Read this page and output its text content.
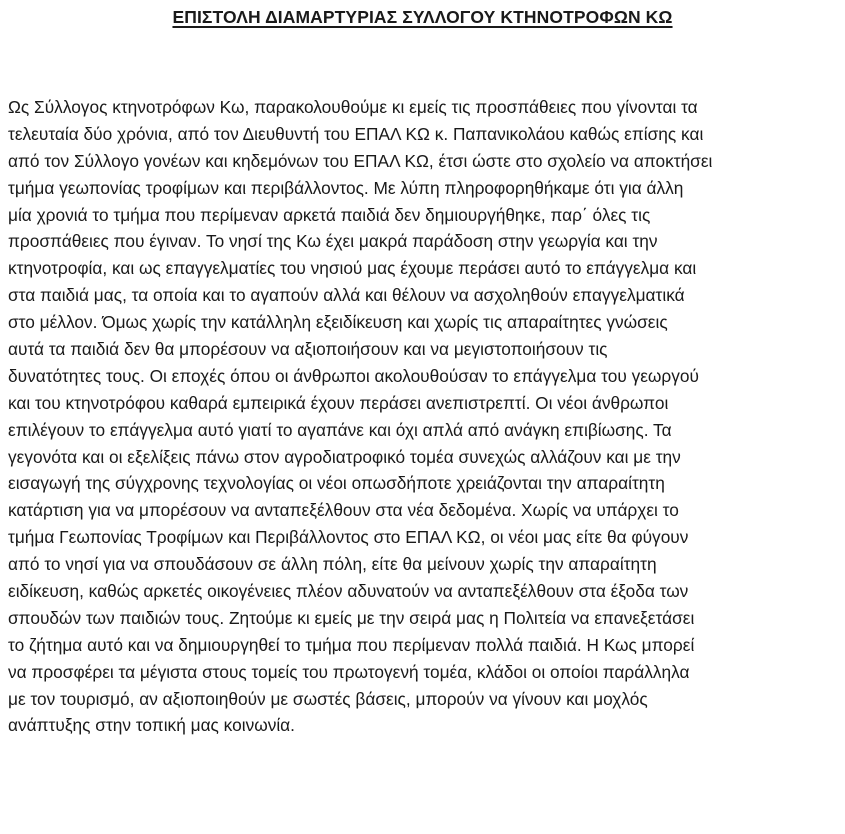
ΕΠΙΣΤΟΛΗ ΔΙΑΜΑΡΤΥΡΙΑΣ ΣΥΛΛΟΓΟΥ ΚΤΗΝΟΤΡΟΦΩΝ ΚΩ
Ως Σύλλογος κτηνοτρόφων Κω, παρακολουθούμε κι εμείς τις προσπάθειες που γίνονται τα
τελευταία δύο χρόνια, από τον Διευθυντή του ΕΠΑΛ ΚΩ κ. Παπανικολάου καθώς επίσης και
από τον Σύλλογο γονέων και κηδεμόνων του ΕΠΑΛ ΚΩ, έτσι ώστε στο σχολείο να αποκτήσει
τμήμα γεωπονίας τροφίμων και περιβάλλοντος. Με λύπη πληροφορηθήκαμε ότι για άλλη
μία χρονιά το τμήμα που περίμεναν αρκετά παιδιά δεν δημιουργήθηκε, παρ΄ όλες τις
προσπάθειες που έγιναν. Το νησί της Κω έχει μακρά παράδοση στην γεωργία και την
κτηνοτροφία, και ως επαγγελματίες του νησιού μας έχουμε περάσει αυτό το επάγγελμα και
στα παιδιά μας, τα οποία και το αγαπούν αλλά και θέλουν να ασχοληθούν επαγγελματικά
στο μέλλον. Όμως χωρίς την κατάλληλη εξειδίκευση και χωρίς τις απαραίτητες γνώσεις
αυτά τα παιδιά δεν θα μπορέσουν να αξιοποιήσουν και να μεγιστοποιήσουν τις
δυνατότητες τους. Οι εποχές όπου οι άνθρωποι ακολουθούσαν το επάγγελμα του γεωργού
και του κτηνοτρόφου καθαρά εμπειρικά έχουν περάσει ανεπιστρεπτί. Οι νέοι άνθρωποι
επιλέγουν το επάγγελμα αυτό γιατί το αγαπάνε και όχι απλά από ανάγκη επιβίωσης. Τα
γεγονότα και οι εξελίξεις πάνω στον αγροδιατροφικό τομέα συνεχώς αλλάζουν και με την
εισαγωγή της σύγχρονης τεχνολογίας οι νέοι οπωσδήποτε χρειάζονται την απαραίτητη
κατάρτιση για να μπορέσουν να ανταπεξέλθουν στα νέα δεδομένα. Χωρίς να υπάρχει το
τμήμα Γεωπονίας Τροφίμων και Περιβάλλοντος στο ΕΠΑΛ ΚΩ, οι νέοι μας είτε θα φύγουν
από το νησί για να σπουδάσουν σε άλλη πόλη, είτε θα μείνουν χωρίς την απαραίτητη
ειδίκευση, καθώς αρκετές οικογένειες πλέον αδυνατούν να ανταπεξέλθουν στα έξοδα των
σπουδών των παιδιών τους. Ζητούμε κι εμείς με την σειρά μας η Πολιτεία να επανεξετάσει
το ζήτημα αυτό και να δημιουργηθεί το τμήμα που περίμεναν πολλά παιδιά. Η Κως μπορεί
να προσφέρει τα μέγιστα στους τομείς του πρωτογενή τομέα, κλάδοι οι οποίοι παράλληλα
με τον τουρισμό, αν αξιοποιηθούν με σωστές βάσεις, μπορούν να γίνουν και μοχλός
ανάπτυξης στην τοπική μας κοινωνία.
